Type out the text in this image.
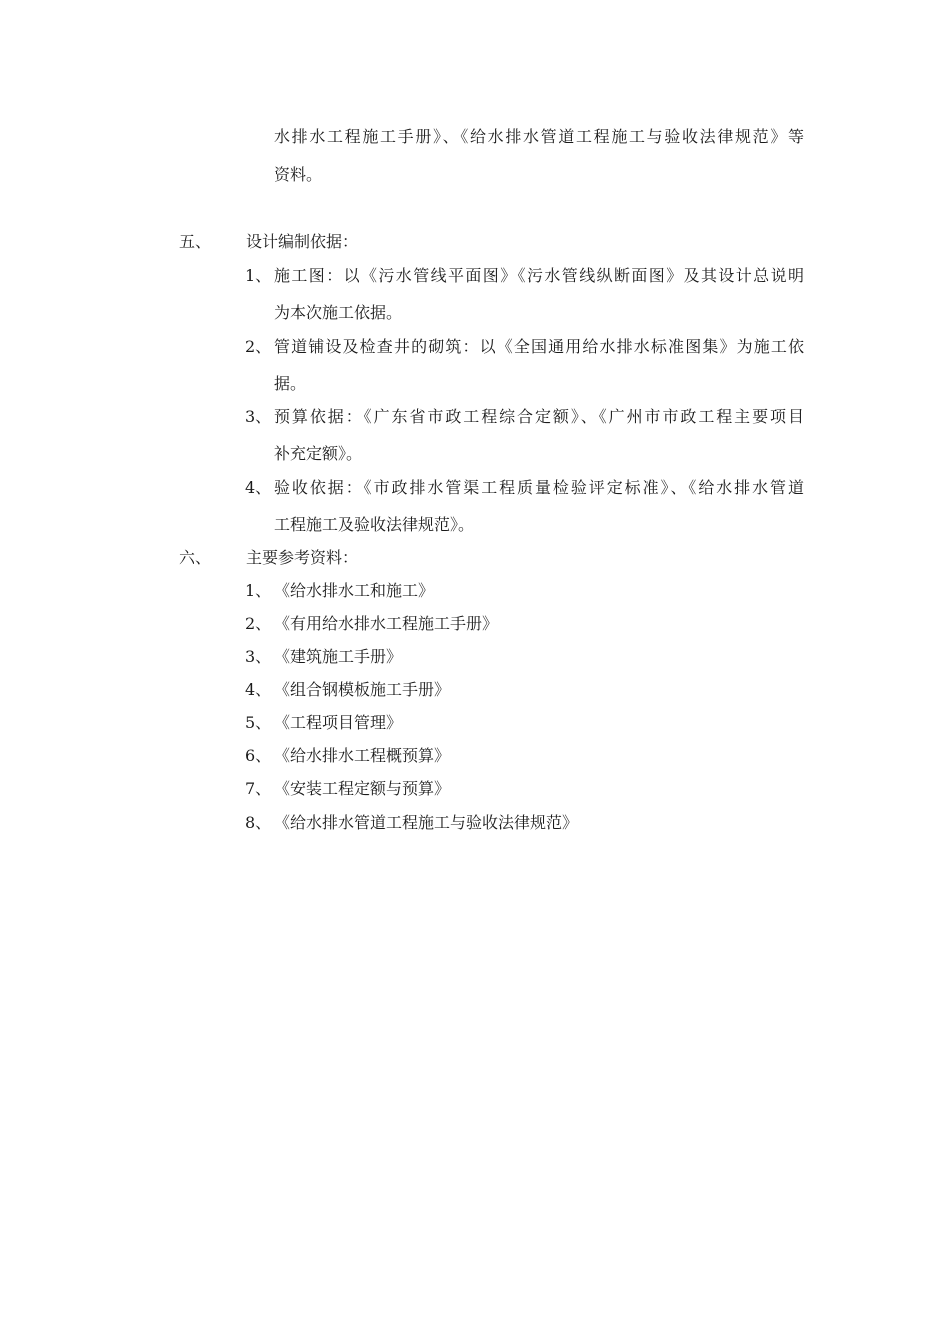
水排水工程施工手册》、《给水排水管道工程施工与验收法律规范》等
资料。
五、 设计编制依据：
1、 施工图：以《污水管线平面图》《污水管线纵断面图》及其设计总说明
为本次施工依据。
2、 管道铺设及检查井的砌筑：以《全国通用给水排水标准图集》为施工依
据。
3、 预算依据：《广东省市政工程综合定额》、《广州市市政工程主要项目
补充定额》。
4、 验收依据：《市政排水管渠工程质量检验评定标准》、《给水排水管道
工程施工及验收法律规范》。
六、 主要参考资料：
1、 《给水排水工和施工》
2、 《有用给水排水工程施工手册》
3、 《建筑施工手册》
4、 《组合钢模板施工手册》
5、 《工程项目管理》
6、 《给水排水工程概预算》
7、 《安装工程定额与预算》
8、 《给水排水管道工程施工与验收法律规范》
